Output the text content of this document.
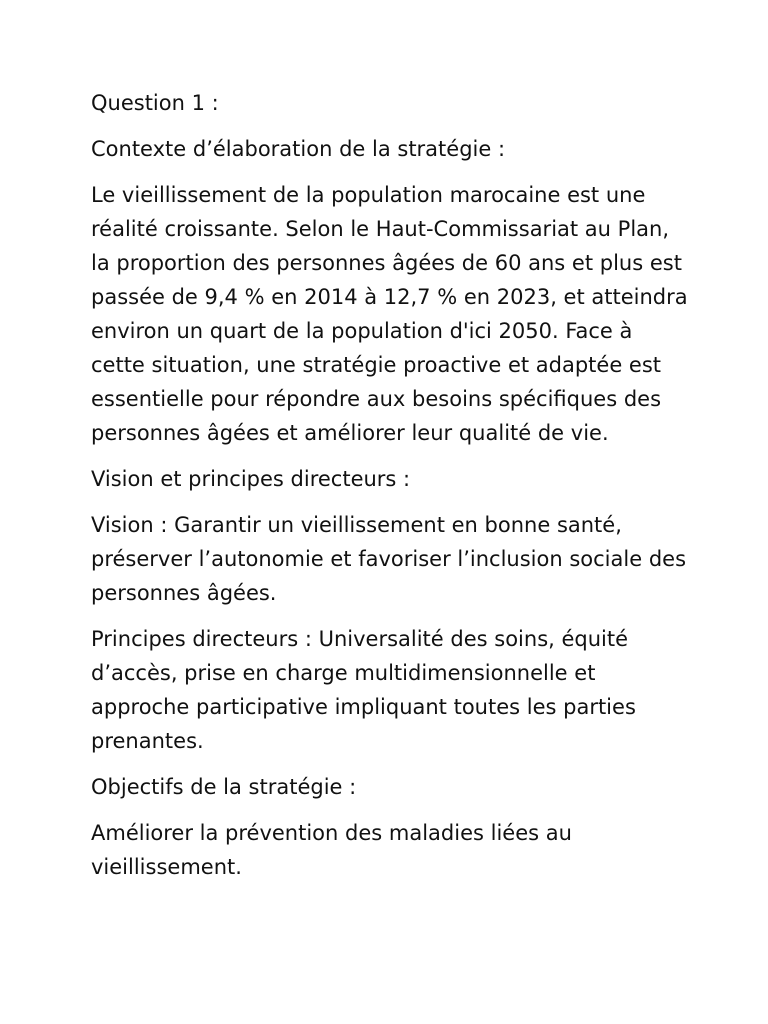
Question 1 :

Contexte d’élaboration de la stratégie :

Le vieillissement de la population marocaine est une réalité croissante. Selon le Haut-Commissariat au Plan, la proportion des personnes âgées de 60 ans et plus est passée de 9,4 % en 2014 à 12,7 % en 2023, et atteindra environ un quart de la population d'ici 2050. Face à cette situation, une stratégie proactive et adaptée est essentielle pour répondre aux besoins spécifiques des personnes âgées et améliorer leur qualité de vie.

Vision et principes directeurs :

Vision : Garantir un vieillissement en bonne santé, préserver l’autonomie et favoriser l’inclusion sociale des personnes âgées.

Principes directeurs : Universalité des soins, équité d’accès, prise en charge multidimensionnelle et approche participative impliquant toutes les parties prenantes.

Objectifs de la stratégie :

Améliorer la prévention des maladies liées au vieillissement.
